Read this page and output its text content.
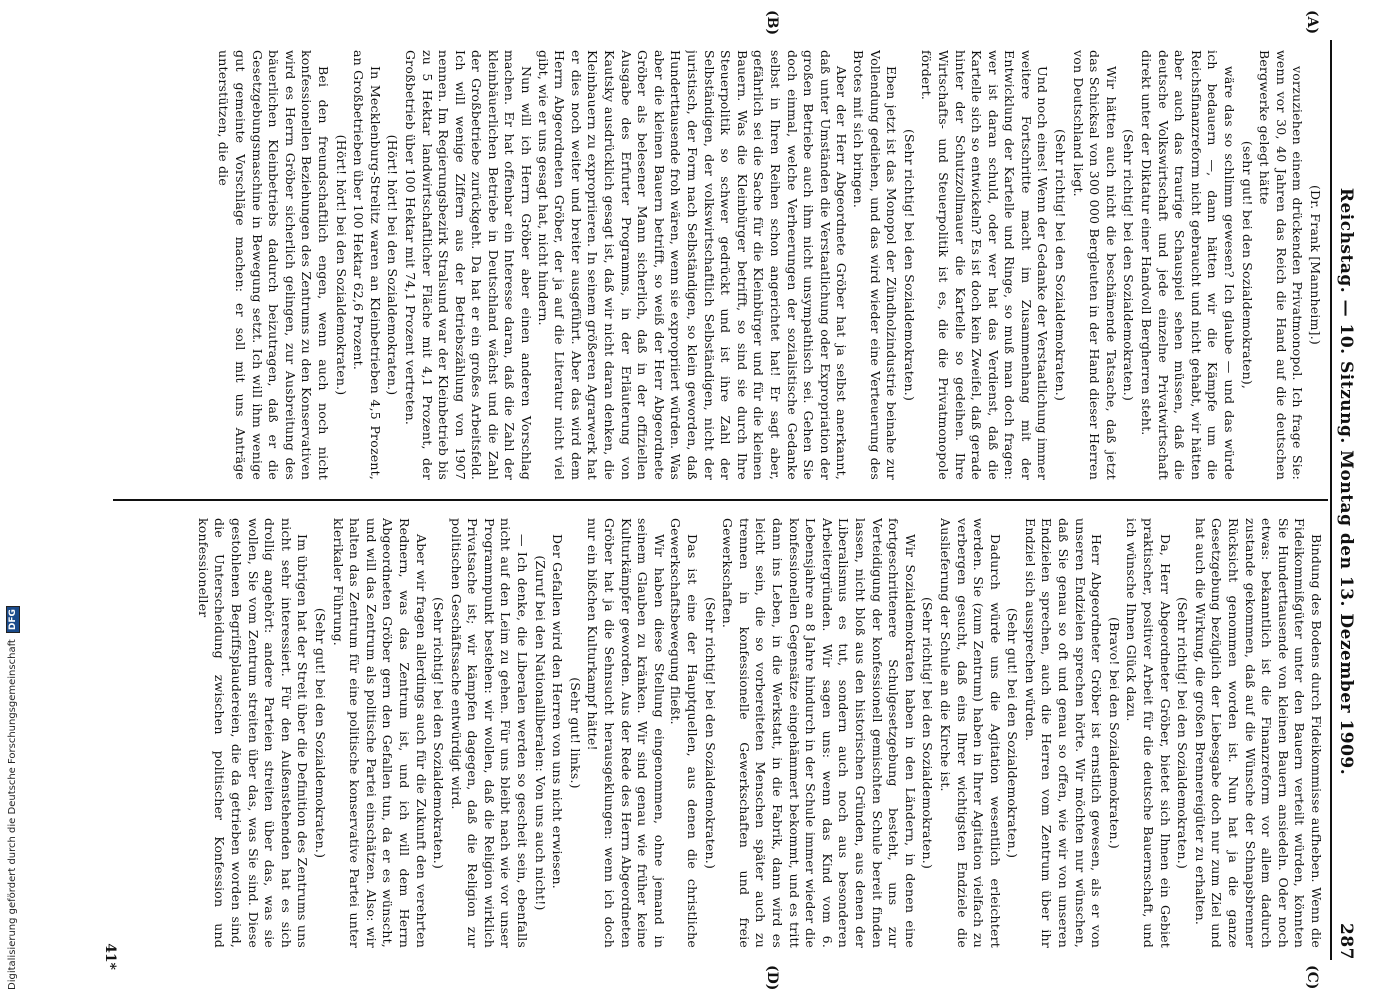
Digitalisierung gefördert durch die Deutsche Forschungsgemeinschaft
DFG	Reichstag. — 10. Sitzung. Montag den 13. Dezember 1909.
287
(A)
(B)
(C)
(D)

(Dr. Frank [Mannheim].)

vorzuziehen einem drückenden Privatmonopol. Ich frage Sie: wenn vor 30, 40 Jahren das Reich die Hand auf die deutschen Bergwerke gelegt hätte

(sehr gut! bei den Sozialdemokraten),

wäre das so schlimm gewesen? Ich glaube — und das würde ich bedauern —, dann hätten wir die Kämpfe um die Reichsfinanzreform nicht gebraucht und nicht gehabt, wir hätten aber auch das traurige Schauspiel sehen müssen, daß die deutsche Volkswirtschaft und jede einzelne Privatwirtschaft direkt unter der Diktatur einer Handvoll Bergherren steht.

(Sehr richtig! bei den Sozialdemokraten.)

Wir hätten auch nicht die beschämende Tatsache, daß jetzt das Schicksal von 300 000 Bergleuten in der Hand dieser Herren von Deutschland liegt.

(Sehr richtig! bei den Sozialdemokraten.)

Und noch eines! Wenn der Gedanke der Verstaatlichung immer weitere Fortschritte macht im Zusammenhang mit der Entwicklung der Kartelle und Ringe, so muß man doch fragen: wer ist daran schuld, oder wer hat das Verdienst, daß die Kartelle sich so entwickeln? Es ist doch kein Zweifel, daß gerade hinter der Schutzzollmauer die Kartelle so gedeihen. Ihre Wirtschafts- und Steuerpolitik ist es, die die Privatmonopole fördert.

(Sehr richtig! bei den Sozialdemokraten.)

Eben jetzt ist das Monopol der Zündholzindustrie beinahe zur Vollendung gediehen, und das wird wieder eine Verteuerung des Brotes mit sich bringen.

Aber der Herr Abgeordnete Gröber hat ja selbst anerkannt, daß unter Umständen die Verstaatlichung oder Expropriation der großen Betriebe auch ihm nicht unsympathisch sei. Gehen Sie doch einmal, welche Verheerungen der sozialistische Gedanke selbst in Ihren Reihen schon angerichtet hat! Er sagt aber, gefährlich sei die Sache für die Kleinbürger und für die kleinen Bauern. Was die Kleinbürger betrifft, so sind sie durch Ihre Steuerpolitik so schwer gedrückt und ist ihre Zahl der Selbständigen, der volkswirtschaftlich Selbständigen, nicht der juristisch, der Form nach Selbständigen, so klein geworden, daß Hunderttausende froh wären, wenn sie expropriiert würden. Was aber die kleinen Bauern betrifft, so weiß der Herr Abgeordnete Gröber als belesener Mann sicherlich, daß in der offiziellen Ausgabe des Erfurter Programms, in der Erläuterung von Kautsky ausdrücklich gesagt ist, daß wir nicht daran denken, die Kleinbauern zu expropriieren. In seinem größeren Agrarwerk hat er dies noch weiter und breiter ausgeführt. Aber das wird dem Herrn Abgeordneten Gröber, der ja auf die Literatur nicht viel gibt, wie er uns gesagt hat, nicht hindern.

Nun will ich Herrn Gröber aber einen anderen Vorschlag machen. Er hat offenbar ein Interesse daran, daß die Zahl der kleinbäuerlichen Betriebe in Deutschland wächst und die Zahl der Großbetriebe zurückgeht. Da hat er ein großes Arbeitsfeld. Ich will wenige Ziffern aus der Betriebszählung von 1907 nennen. Im Regierungsbezirk Stralsund war der Kleinbetrieb bis zu 5 Hektar landwirtschaftlicher Fläche mit 4,1 Prozent, der Großbetrieb über 100 Hektar mit 74,1 Prozent vertreten.

(Hört! hört! bei den Sozialdemokraten.)

In Mecklenburg-Strelitz waren an Kleinbetrieben 4,5 Prozent, an Großbetrieben über 100 Hektar 62,6 Prozent.

(Hört! hört! bei den Sozialdemokraten.)

Bei den freundschaftlich engen, wenn auch noch nicht konfessionellen Beziehungen des Zentrums zu den Konservativen wird es Herrn Gröber sicherlich gelingen, zur Ausbreitung des bäuerlichen Kleinbetriebs dadurch beizutragen, daß er die Gesetzgebungsmaschine in Bewegung setzt. Ich will ihm wenige gut gemeinte Vorschläge machen: er soll mit uns Anträge unterstützen, die die

Bindung des Bodens durch Fideikommisse aufheben. Wenn die Fideikommißgüter unter den Bauern verteilt würden, könnten Sie Hunderttausende von kleinen Bauern ansiedeln. Oder noch etwas: bekanntlich ist die Finanzreform vor allem dadurch zustande gekommen, daß auf die Wünsche der Schnapsbrenner Rücksicht genommen worden ist. Nun hat ja die ganze Gesetzgebung bezüglich der Liebesgabe doch nur zum Ziel und hat auch die Wirkung, die großen Brennereigüter zu erhalten.

(Sehr richtig! bei den Sozialdemokraten.)

Da, Herr Abgeordneter Gröber, bietet sich Ihnen ein Gebiet praktischer, positiver Arbeit für die deutsche Bauernschaft, und ich wünsche Ihnen Glück dazu.

(Bravo! bei den Sozialdemokraten.)

Herr Abgeordneter Gröber ist ernstlich gewesen, als er von unseren Endzielen sprechen hörte. Wir möchten nur wünschen, daß Sie genau so oft und genau so offen, wie wir von unseren Endzielen sprechen, auch die Herren vom Zentrum über ihr Endziel sich aussprechen würden.

(Sehr gut! bei den Sozialdemokraten.)

Dadurch würde uns die Agitation wesentlich erleichtert werden. Sie (zum Zentrum) haben in Ihrer Agitation vielfach zu verbergen gesucht, daß eins Ihrer wichtigsten Endziele die Auslieferung der Schule an die Kirche ist.

(Sehr richtig! bei den Sozialdemokraten.)

Wir Sozialdemokraten haben in den Ländern, in denen eine fortgeschrittenere Schulgesetzgebung besteht, uns zur Verteidigung der konfessionell gemischten Schule bereit finden lassen, nicht bloß aus den historischen Gründen, aus denen der Liberalismus es tut, sondern auch noch aus besonderen Arbeitergründen. Wir sagen uns: wenn das Kind vom 6. Lebensjahre an 8 Jahre hindurch in der Schule immer wieder die konfessionellen Gegensätze eingehämmert bekommt, und es tritt dann ins Leben, in die Werkstatt, in die Fabrik, dann wird es leicht sein, die so vorbereiteten Menschen später auch zu trennen in konfessionelle Gewerkschaften und freie Gewerkschaften.

(Sehr richtig! bei den Sozialdemokraten.)

Das ist eine der Hauptquellen, aus denen die christliche Gewerkschaftsbewegung fließt.

Wir haben diese Stellung eingenommen, ohne jemand in seinem Glauben zu kränken. Wir sind genau wie früher keine Kulturkämpfer geworden. Aus der Rede des Herrn Abgeordneten Gröber hat ja die Sehnsucht herausgeklungen: wenn ich doch nur ein bißchen Kulturkampf hätte!

(Sehr gut! links.)

Der Gefallen wird den Herren von uns nicht erwiesen.

(Zuruf bei den Nationalliberalen: Von uns auch nicht!)

— Ich denke, die Liberalen werden so gescheit sein, ebenfalls nicht auf den Leim zu gehen. Für uns bleibt nach wie vor unser Programmpunkt bestehen: wir wollen, daß die Religion wirklich Privatsache ist; wir kämpfen dagegen, daß die Religion zur politischen Geschäftssache entwürdigt wird.

(Sehr richtig! bei den Sozialdemokraten.)

Aber wir fragen allerdings auch für die Zukunft den verehrten Rednern, was das Zentrum ist, und ich will dem Herrn Abgeordneten Gröber gern den Gefallen tun, da er es wünscht, und will das Zentrum als politische Partei einschätzen. Also: wir halten das Zentrum für eine politische konservative Partei unter klerikaler Führung.

(Sehr gut! bei den Sozialdemokraten.)

Im übrigen hat der Streit über die Definition des Zentrums uns nicht sehr interessiert. Für den Außenstehenden hat es sich drollig angehört: andere Parteien streiten über das, was sie wollen, Sie vom Zentrum streiten über das, was Sie sind. Diese gestohlenen Begriffsplaudereien, die da getrieben worden sind, die Unterscheidung zwischen politischer Konfession und konfessioneller

41*
